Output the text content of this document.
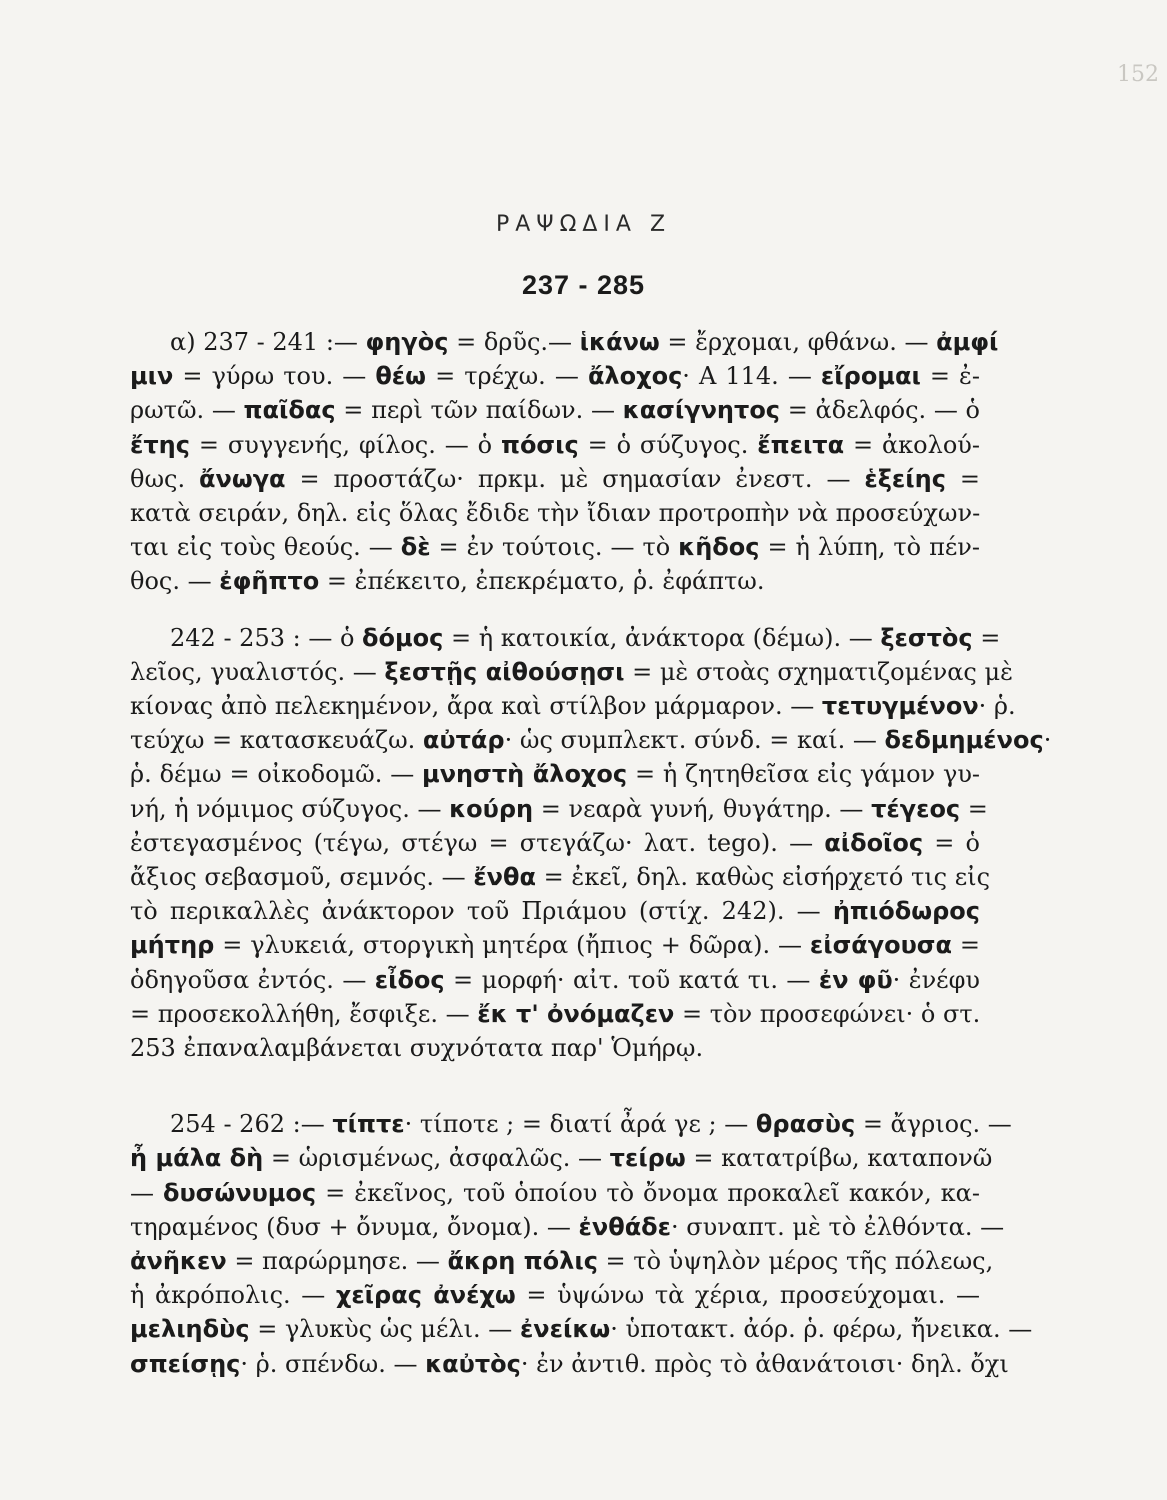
152
ΡΑΨΩΔΙΑ Ζ
237 - 285
α) 237 - 241 :— φηγὸς = δρῦς.— ἱκάνω = ἔρχομαι, φθάνω. — ἀμφί
μιν = γύρω του. — θέω = τρέχω. — ἄλοχος· Α 114. — εἴρομαι = ἐ-
ρωτῶ. — παῖδας = περὶ τῶν παίδων. — κασίγνητος = ἀδελφός. — ὁ
ἔτης = συγγενής, φίλος. — ὁ πόσις = ὁ σύζυγος. ἔπειτα = ἀκολού-
θως. ἄνωγα = προστάζω· πρκμ. μὲ σημασίαν ἐνεστ. — ἑξείης =
κατὰ σειράν, δηλ. εἰς ὅλας ἔδιδε τὴν ἴδιαν προτροπὴν νὰ προσεύχων-
ται εἰς τοὺς θεούς. — δὲ = ἐν τούτοις. — τὸ κῆδος = ἡ λύπη, τὸ πέν-
θος. — ἐφῆπτο = ἐπέκειτο, ἐπεκρέματο, ῥ. ἐφάπτω.
242 - 253 : — ὁ δόμος = ἡ κατοικία, ἀνάκτορα (δέμω). — ξεστὸς =
λεῖος, γυαλιστός. — ξεστῇς αἰθούσῃσι = μὲ στοὰς σχηματιζομένας μὲ
κίονας ἀπὸ πελεκημένον, ἄρα καὶ στίλβον μάρμαρον. — τετυγμένον· ῥ.
τεύχω = κατασκευάζω. αὐτάρ· ὡς συμπλεκτ. σύνδ. = καί. — δεδμημένος·
ῥ. δέμω = οἰκοδομῶ. — μνηστὴ ἄλοχος = ἡ ζητηθεῖσα εἰς γάμον γυ-
νή, ἡ νόμιμος σύζυγος. — κούρη = νεαρὰ γυνή, θυγάτηρ. — τέγεος =
ἐστεγασμένος (τέγω, στέγω = στεγάζω· λατ. tego). — αἰδοῖος = ὁ
ἄξιος σεβασμοῦ, σεμνός. — ἔνθα = ἐκεῖ, δηλ. καθὼς εἰσήρχετό τις εἰς
τὸ περικαλλὲς ἀνάκτορον τοῦ Πριάμου (στίχ. 242). — ἠπιόδωρος
μήτηρ = γλυκειά, στοργικὴ μητέρα (ἤπιος + δῶρα). — εἰσάγουσα =
ὁδηγοῦσα ἐντός. — εἶδος = μορφή· αἰτ. τοῦ κατά τι. — ἐν φῦ· ἐνέφυ
= προσεκολλήθη, ἔσφιξε. — ἔκ τ' ὀνόμαζεν = τὸν προσεφώνει· ὁ στ.
253 ἐπαναλαμβάνεται συχνότατα παρ' Ὁμήρῳ.
254 - 262 :— τίπτε· τίποτε ; = διατί ἆρά γε ; — θρασὺς = ἄγριος. —
ἦ μάλα δὴ = ὡρισμένως, ἀσφαλῶς. — τείρω = κατατρίβω, καταπονῶ
— δυσώνυμος = ἐκεῖνος, τοῦ ὁποίου τὸ ὄνομα προκαλεῖ κακόν, κα-
τηραμένος (δυσ + ὄνυμα, ὄνομα). — ἐνθάδε· συναπτ. μὲ τὸ ἐλθόντα. —
ἀνῆκεν = παρώρμησε. — ἄκρη πόλις = τὸ ὑψηλὸν μέρος τῆς πόλεως,
ἡ ἀκρόπολις. — χεῖρας ἀνέχω = ὑψώνω τὰ χέρια, προσεύχομαι. —
μελιηδὺς = γλυκὺς ὡς μέλι. — ἐνείκω· ὑποτακτ. ἀόρ. ῥ. φέρω, ἤνεικα. —
σπείσῃς· ῥ. σπένδω. — καὐτὸς· ἐν ἀντιθ. πρὸς τὸ ἀθανάτοισι· δηλ. ὄχι
